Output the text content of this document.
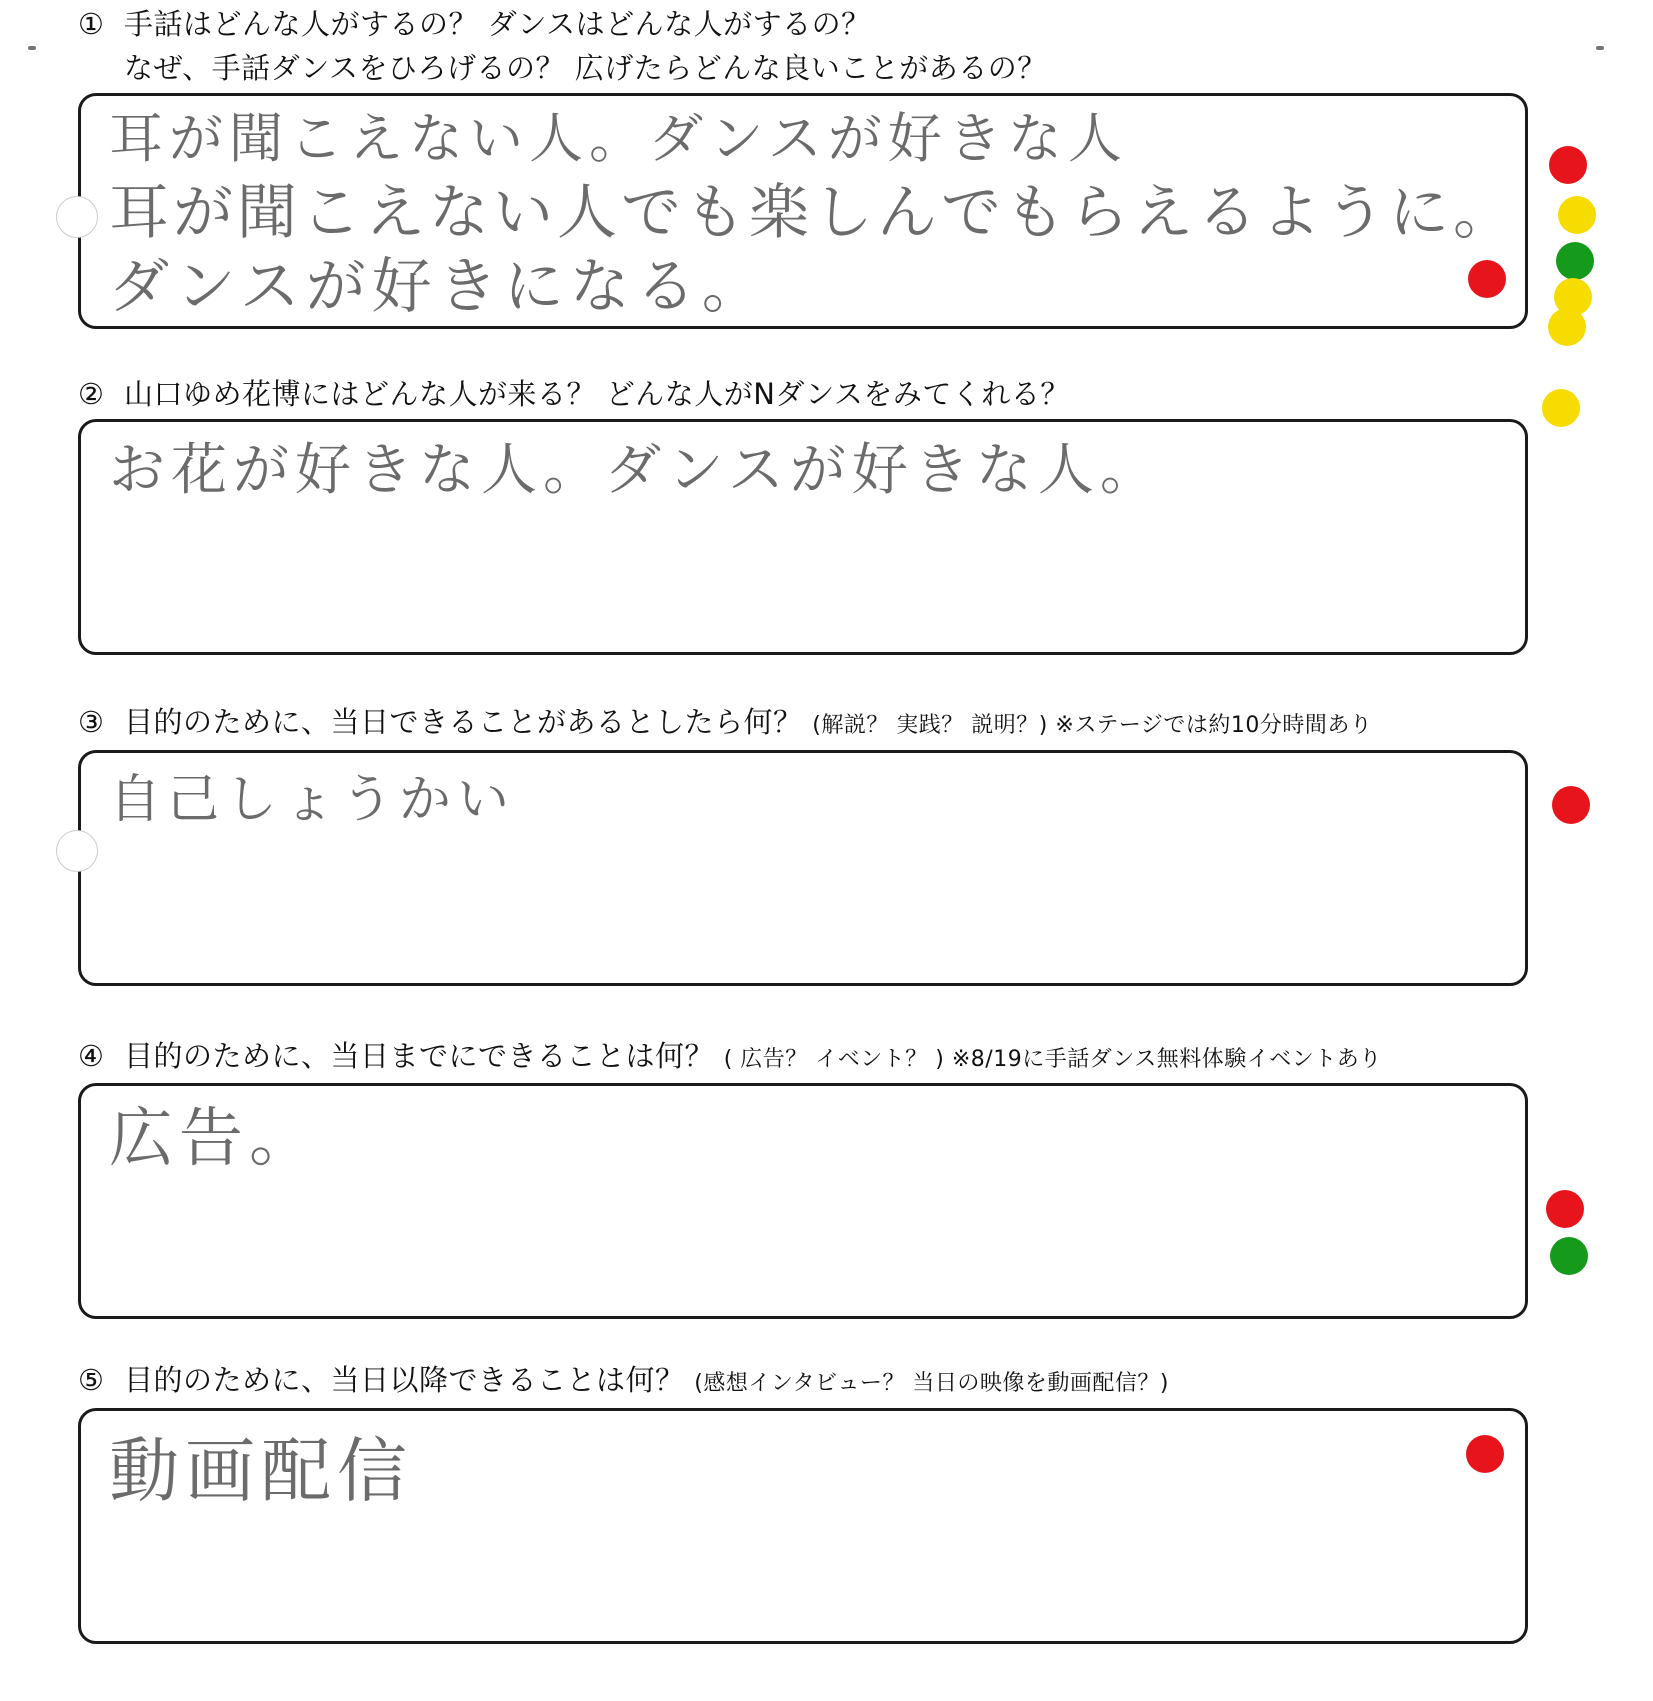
① 手話はどんな人がするの？ ダンスはどんな人がするの？
なぜ、手話ダンスをひろげるの？ 広げたらどんな良いことがあるの？
耳が聞こえない人。ダンスが好きな人
耳が聞こえない人でも楽しんでもらえるように。
ダンスが好きになる。
② 山口ゆめ花博にはどんな人が来る？ どんな人がNダンスをみてくれる？
お花が好きな人。ダンスが好きな人。
③ 目的のために、当日できることがあるとしたら何？ (解説？ 実践？ 説明？) ※ステージでは約10分時間あり
自己しょうかい
④ 目的のために、当日までにできることは何？ ( 広告？ イベント？ ) ※8/19に手話ダンス無料体験イベントあり
広告。
⑤ 目的のために、当日以降できることは何？ (感想インタビュー？ 当日の映像を動画配信？)
動画配信
